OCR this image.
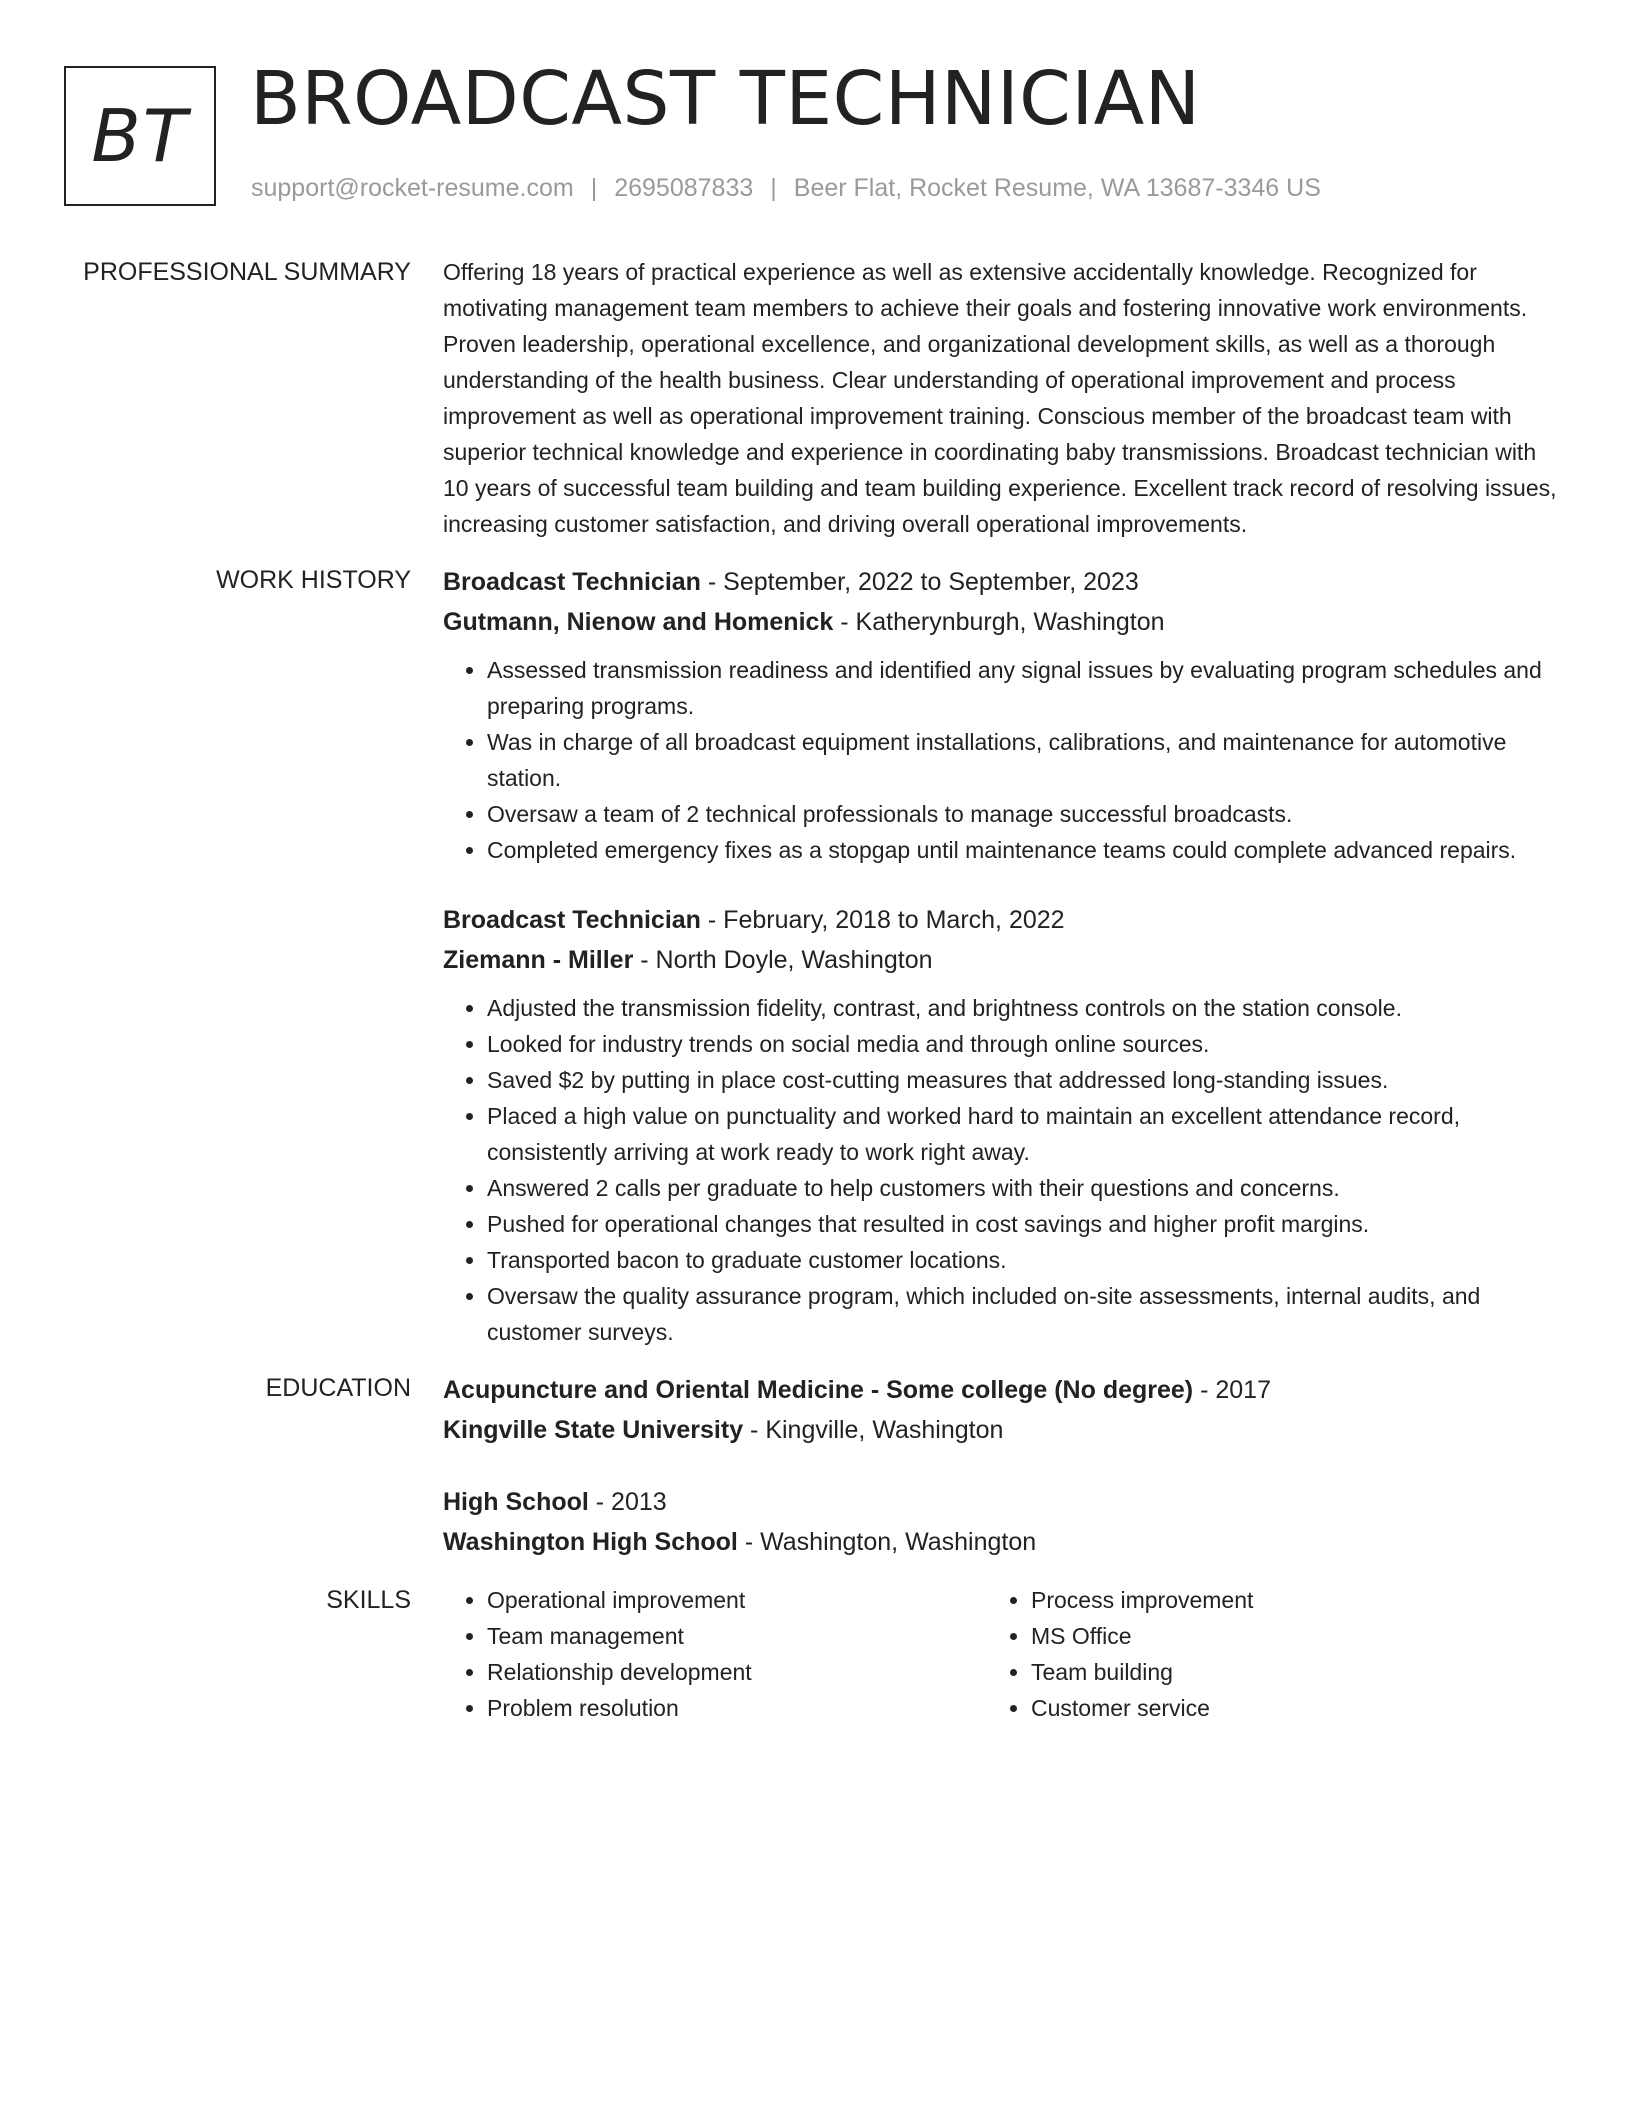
BT BROADCAST TECHNICIAN
support@rocket-resume.com | 2695087833 | Beer Flat, Rocket Resume, WA 13687-3346 US
PROFESSIONAL SUMMARY Offering 18 years of practical experience as well as extensive accidentally knowledge. Recognized for motivating management team members to achieve their goals and fostering innovative work environments. Proven leadership, operational excellence, and organizational development skills, as well as a thorough understanding of the health business. Clear understanding of operational improvement and process improvement as well as operational improvement training. Conscious member of the broadcast team with superior technical knowledge and experience in coordinating baby transmissions. Broadcast technician with 10 years of successful team building and team building experience. Excellent track record of resolving issues, increasing customer satisfaction, and driving overall operational improvements.

WORK HISTORY Broadcast Technician - September, 2022 to September, 2023
Gutmann, Nienow and Homenick - Katherynburgh, Washington
• Assessed transmission readiness and identified any signal issues by evaluating program schedules and preparing programs.
• Was in charge of all broadcast equipment installations, calibrations, and maintenance for automotive station.
• Oversaw a team of 2 technical professionals to manage successful broadcasts.
• Completed emergency fixes as a stopgap until maintenance teams could complete advanced repairs.
Broadcast Technician - February, 2018 to March, 2022
Ziemann - Miller - North Doyle, Washington
• Adjusted the transmission fidelity, contrast, and brightness controls on the station console.
• Looked for industry trends on social media and through online sources.
• Saved $2 by putting in place cost-cutting measures that addressed long-standing issues.
• Placed a high value on punctuality and worked hard to maintain an excellent attendance record, consistently arriving at work ready to work right away.
• Answered 2 calls per graduate to help customers with their questions and concerns.
• Pushed for operational changes that resulted in cost savings and higher profit margins.
• Transported bacon to graduate customer locations.
• Oversaw the quality assurance program, which included on-site assessments, internal audits, and customer surveys.
EDUCATION Acupuncture and Oriental Medicine - Some college (No degree) - 2017
Kingville State University - Kingville, Washington
High School - 2013
Washington High School - Washington, Washington
SKILLS
•	Operational improvement
• Team management
• Relationship development
• Problem resolution
• Process improvement
• MS Office
• Team building
• Customer service
